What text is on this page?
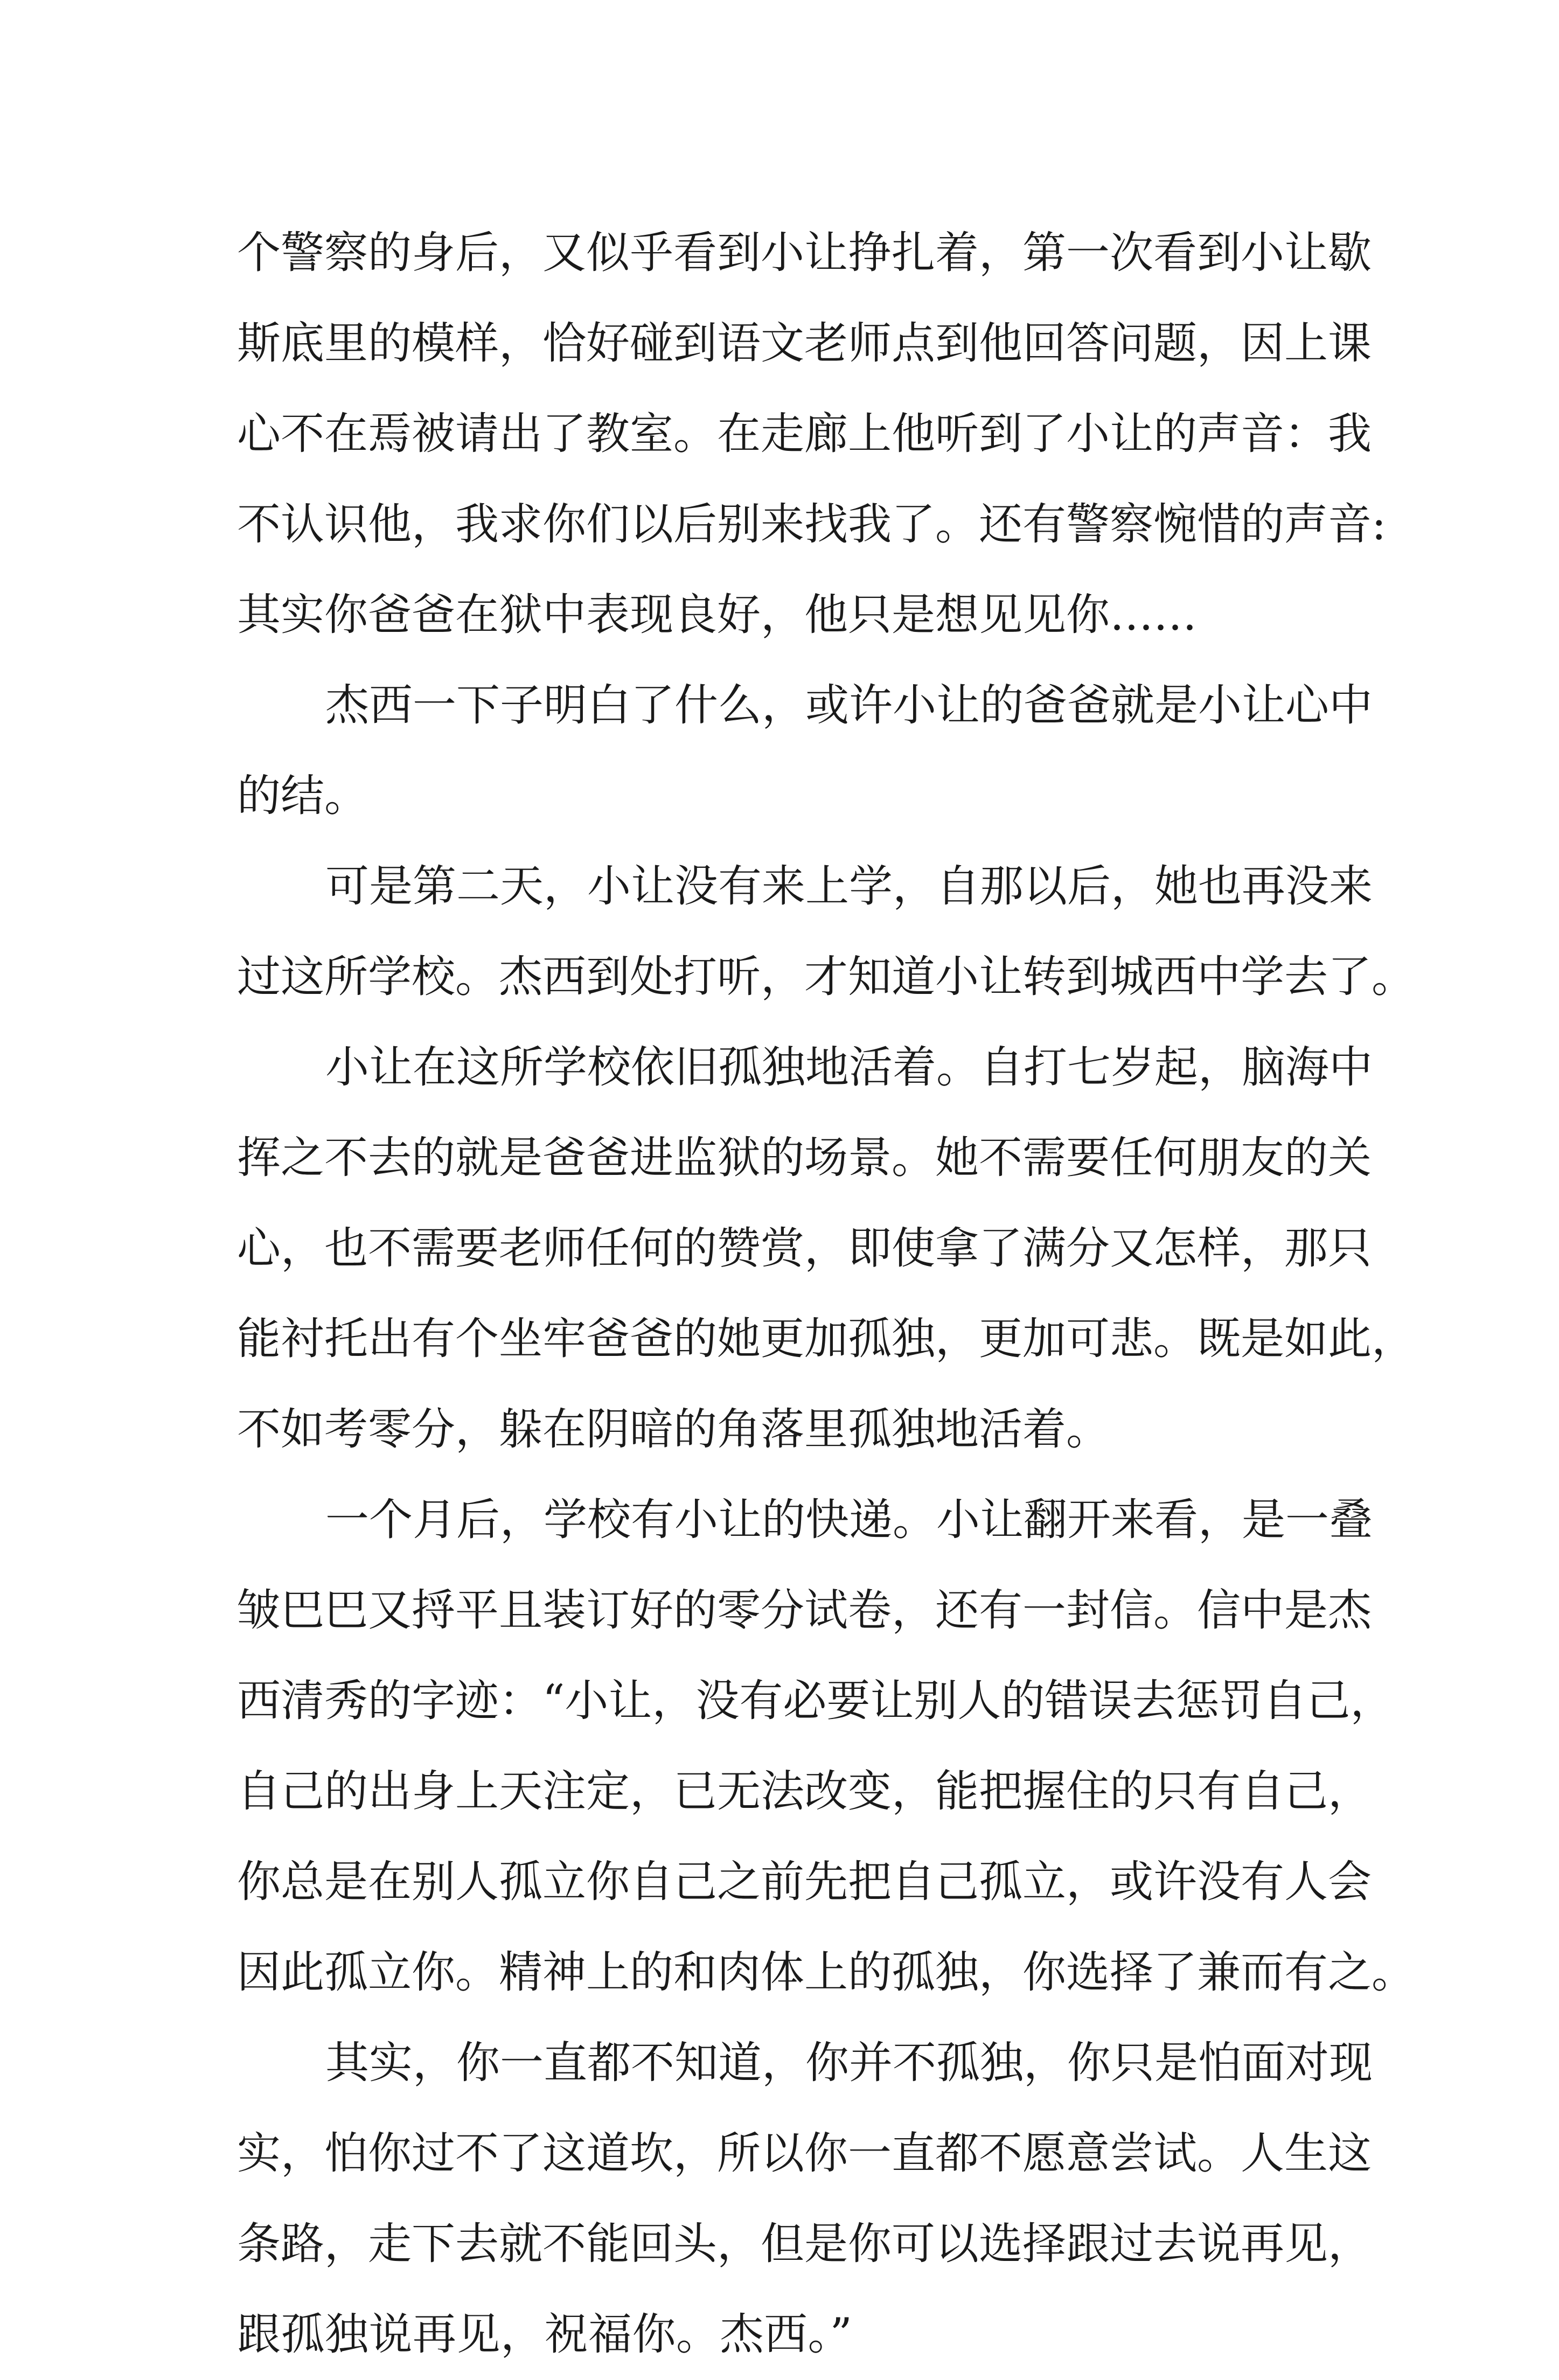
个警察的身后，又似乎看到小让挣扎着，第一次看到小让歇
斯底里的模样，恰好碰到语文老师点到他回答问题，因上课
心不在焉被请出了教室。在走廊上他听到了小让的声音：我
不认识他，我求你们以后别来找我了。还有警察惋惜的声音:
其实你爸爸在狱中表现良好，他只是想见见你……
杰西一下子明白了什么，或许小让的爸爸就是小让心中
的结。
可是第二天，小让没有来上学，自那以后，她也再没来
过这所学校。杰西到处打听，才知道小让转到城西中学去了。
小让在这所学校依旧孤独地活着。自打七岁起，脑海中
挥之不去的就是爸爸进监狱的场景。她不需要任何朋友的关
心，也不需要老师任何的赞赏，即使拿了满分又怎样，那只
能衬托出有个坐牢爸爸的她更加孤独，更加可悲。既是如此，
不如考零分，躲在阴暗的角落里孤独地活着。
一个月后，学校有小让的快递。小让翻开来看，是一叠
皱巴巴又捋平且装订好的零分试卷，还有一封信。信中是杰
西清秀的字迹：“小让，没有必要让别人的错误去惩罚自己，
自己的出身上天注定，已无法改变，能把握住的只有自己，
你总是在别人孤立你自己之前先把自己孤立，或许没有人会
因此孤立你。精神上的和肉体上的孤独，你选择了兼而有之。
其实，你一直都不知道，你并不孤独，你只是怕面对现
实，怕你过不了这道坎，所以你一直都不愿意尝试。人生这
条路，走下去就不能回头，但是你可以选择跟过去说再见，
跟孤独说再见，祝福你。杰西。”
